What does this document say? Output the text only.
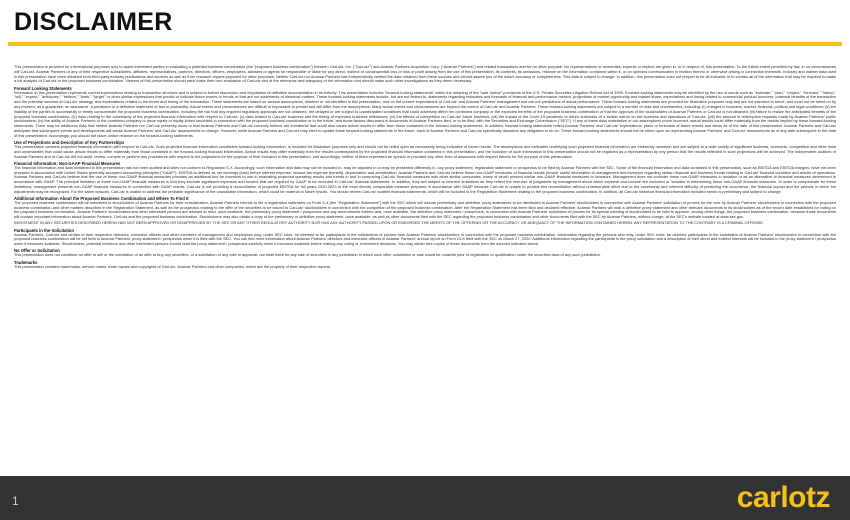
DISCLAIMER

This presentation is provided for informational purposes only to assist interested parties in evaluating a potential business combination (the "proposed business combination") between CarLotz, Inc. ("CarLotz") and Acamar Partners Acquisition Corp. ("Acamar Partners") and related transactions and for no other purpose. No representations or warranties, express or implied are given in, or in respect of, this presentation. To the fullest extent permitted by law, in no circumstances will CarLotz, Acamar Partners or any of their respective subsidiaries, affiliates, representatives, partners, directors, officers, employees, advisers or agents be responsible or liable for any direct, indirect or consequential loss or loss of profit arising from the use of this presentation, its contents, its omissions, reliance on the information contained within it, or on opinions communicated in relation thereto or otherwise arising in connection therewith. Industry and market data used in this presentation have been obtained from third-party industry publications and sources as well as from research reports prepared for other purposes. Neither CarLotz nor Acamar Partners has independently verified the data obtained from these sources and cannot assure you of the data's accuracy or completeness. This data is subject to change. In addition, this presentation does not purport to be all-inclusive or to contain all of the information that may be required to make a full analysis of CarLotz or the proposed business combination. Viewers of this presentation should each make their own evaluation of CarLotz and of the relevance and adequacy of the information and should make such other investigations as they deem necessary.

Forward Looking Statements

Information in this presentation represents current expectations relating to transaction structure and is subject to further discussion and negotiation of definitive documentation in its entirety. This presentation includes "forward-looking statements" within the meaning of the "safe harbor" provisions of the U.S. Private Securities Litigation Reform Act of 1995. Forward-looking statements may be identified by the use of words such as "estimate," "plan," "project," "forecast," "intend," "will," "expect," "anticipate," "believe," "seek," "target" or other similar expressions that predict or indicate future events or trends or that are not statements of historical matters. These forward-looking statements include, but are not limited to, statements regarding estimates and forecasts of financial and performance metrics, projections of market opportunity and market share, expectations and timing related to commercial product launches, potential benefits of the transaction and the potential success of CarLotz' strategy, and expectations related to the terms and timing of the transaction. These statements are based on various assumptions, whether or not identified in this presentation, and on the current expectations of CarLotz' and Acamar Partners' management and are not predictions of actual performance. These forward-looking statements are provided for illustrative purposes only and are not intended to serve, and must not be relied on by any investor, as a guarantee, an assurance, a prediction or a definitive statement of fact or probability. Actual events and circumstances are difficult or impossible to predict and will differ from the assumptions. Many actual events and circumstances are beyond the control of CarLotz and Acamar Partners. These forward-looking statements are subject to a number of risks and uncertainties, including: (i) changes in business, market, financial, political and legal conditions; (ii) the inability of the parties to successfully or timely consummate the proposed business combination, including the risk that any required regulatory approvals are not obtained, are delayed or are subject to unanticipated conditions that could adversely affect the combined company or the expected benefits of the proposed business combination or that the approval of the stockholders of Acamar Partners or CarLotz is not obtained; (iii) failure to realize the anticipated benefits of the proposed business combination; (iv) risks relating to the uncertainty of the projected financial information with respect to CarLotz; (v) risks related to CarLotz' business and the timing of expected business milestones; (vi) the effects of competition on CarLotz' future business; (vii) the impact of the Covid-19 pandemic or future outbreaks of a similar nature on the business and operations of CarLotz; (viii) the amount of redemption requests made by Acamar Partners' public stockholders; (ix) the ability of Acamar Partners or the combined company to issue equity or equity-linked securities in connection with the proposed business combination or in the future, and those factors discussed in documents of Acamar Partners filed, or to be filed, with the Securities and Exchange Commission ("SEC"). If any of these risks materialize or our assumptions prove incorrect, actual results could differ materially from the results implied by these forward-looking statements. There may be additional risks that neither Acamar Partners nor CarLotz presently know or that Acamar Partners and CarLotz currently believe are immaterial that could also cause actual results to differ from those contained in the forward-looking statements. In addition, forward-looking statements reflect Acamar Partners' and CarLotz' expectations, plans or forecasts of future events and views as of the date of this presentation. Acamar Partners and CarLotz anticipate that subsequent events and developments will cause Acamar Partners' and CarLotz' assessments to change. However, while Acamar Partners and CarLotz may elect to update these forward-looking statements in the future, each of Acamar Partners and CarLotz specifically disclaims any obligation to do so. These forward-looking statements should not be relied upon as representing Acamar Partners' and CarLotz' assessments as of any date subsequent to the date of this presentation. Accordingly, you should not place undue reliance on the forward-looking statements.

Use of Projections and Description of Key Partnerships

This presentation contains projected financial information with respect to CarLotz. Such projected financial information constitutes forward-looking information, is included for illustrative purposes only and should not be relied upon as necessarily being indicative of future results. The assumptions and estimates underlying such projected financial information are inherently uncertain and are subject to a wide variety of significant business, economic, competitive and other risks and uncertainties that could cause actual results to differ materially from those contained in the forward-looking financial information. Actual results may differ materially from the results contemplated by the projected financial information contained in this presentation, and the inclusion of such information in this presentation should not be regarded as a representation by any person that the results reflected in such projections will be achieved. The independent auditors of Acamar Partners and of CarLotz did not audit, review, compile or perform any procedures with respect to the projections for the purpose of their inclusion in this presentation, and accordingly, neither of them expressed an opinion or provided any other form of assurance with respect thereto for the purpose of this presentation.

Financial Information; Non-GAAP Financial Measures

The financial information and data contained in this presentation has not been audited and does not conform to Regulation S-X. Accordingly, such information and data may not be included in, may be adjusted in or may be presented differently in, any proxy statement, registration statement or prospectus to be filed by Acamar Partners with the SEC. Some of the financial information and data contained in this presentation, such as EBITDA and EBITDA margins, have not been prepared in accordance with United States generally accepted accounting principles ("GAAP"). EBITDA is defined as net earnings (loss) before interest expense, income tax expense (benefit), depreciation and amortization. Acamar Partners and CarLotz believe these non-GAAP measures of financial results provide useful information to management and investors regarding certain financial and business trends relating to CarLotz' financial condition and results of operations. Acamar Partners and CarLotz believe that the use of these non-GAAP financial measures provides an additional tool for investors to use in evaluating projected operating results and trends in and in comparing CarLotz' financial measures with other similar companies, many of which present similar non-GAAP financial measures to investors. Management does not consider these non-GAAP measures in isolation or as an alternative to financial measures determined in accordance with GAAP. The principal limitation of these non-GAAP financial measures is that they exclude significant expenses and income that are required by GAAP to be recorded in CarLotz' financial statements. In addition, they are subject to inherent limitations as they reflect the exercise of judgments by management about which expense and income are excluded or included in determining these non-GAAP financial measures. In order to compensate for these limitations, management presents non-GAAP financial measures in connection with GAAP results. CarLotz is not providing a reconciliation of projected EBITDA for full years 2020-2023 to the most directly comparable measure prepared in accordance with GAAP because CarLotz is unable to provide this reconciliation without unreasonable effort due to the uncertainty and inherent difficulty of predicting the occurrence, the financial impact and the periods in which the adjustments may be recognized. For the same reasons, CarLotz is unable to address the probable significance of the unavailable information, which could be material to future results. You should review CarLotz' audited financial statements, which will be included in the Registration Statement relating to the proposed business combination. In addition, all CarLotz historical financial information included herein is preliminary and subject to change.

Additional Information About the Proposed Business Combination and Where To Find It

The proposed business combination will be submitted to stockholders of Acamar Partners for their consideration. Acamar Partners intends to file a registration statement on Form S-4 (the "Registration Statement") with the SEC which will include preliminary and definitive proxy statements to be distributed to Acamar Partners' stockholders in connection with Acamar Partners' solicitation of proxies for the vote by Acamar Partners' stockholders in connection with the proposed business combination and other matters described in the Registration Statement, as well as the prospectus relating to the offer of the securities to be issued to CarLotz' stockholders in connection with the completion of the proposed business combination. After the Registration Statement has been filed and declared effective, Acamar Partners will mail a definitive proxy statement and other relevant documents to its stockholders as of the record date established for voting on the proposed business combination. Acamar Partners' stockholders and other interested persons are advised to read, once available, the preliminary proxy statement / prospectus and any amendments thereto and, once available, the definitive proxy statement / prospectus, in connection with Acamar Partners' solicitation of proxies for its special meeting of stockholders to be held to approve, among other things, the proposed business combination, because these documents will contain important information about Acamar Partners, CarLotz and the proposed business combination. Stockholders may also obtain a copy of the preliminary or definitive proxy statement, once available, as well as other documents filed with the SEC regarding the proposed business combination and other documents filed with the SEC by Acamar Partners, without charge, at the SEC's website located at www.sec.gov.

INVESTMENT IN ANY SECURITIES DESCRIBED HEREIN HAS NOT BEEN APPROVED OR DISAPPROVED BY THE SEC OR ANY OTHER REGULATORY AUTHORITY NOR HAS ANY AUTHORITY PASSED UPON OR ENDORSED THE MERITS OF THE OFFERING OR THE ACCURACY OR ADEQUACY OF THE INFORMATION CONTAINED HEREIN. ANY REPRESENTATION TO THE CONTRARY IS A CRIMINAL OFFENSE.

Participants in the Solicitation

Acamar Partners, CarLotz and certain of their respective directors, executive officers and other members of management and employees may, under SEC rules, be deemed to be participants in the solicitations of proxies from Acamar Partners' stockholders in connection with the proposed business combination. Information regarding the persons who may, under SEC rules, be deemed participants in the solicitation of Acamar Partners' stockholders in connection with the proposed business combination will be set forth in Acamar Partners' proxy statement / prospectus when it is filed with the SEC. You can find more information about Acamar Partners' directors and executive officers in Acamar Partners' annual report on Form 10-K filed with the SEC on March 27, 2020. Additional information regarding the participants in the proxy solicitation and a description of their direct and indirect interests will be included in the proxy statement / prospectus when it becomes available. Stockholders, potential investors and other interested persons should read the proxy statement / prospectus carefully when it becomes available before making any voting or investment decisions. You may obtain free copies of these documents from the sources indicated above.

No Offer or Solicitation

This presentation does not constitute an offer to sell or the solicitation of an offer to buy any securities, or a solicitation of any vote or approval, nor shall there be any sale of securities in any jurisdiction in which such offer, solicitation or sale would be unlawful prior to registration or qualification under the securities laws of any such jurisdiction.

Trademarks

This presentation contains trademarks, service marks, trade names and copyrights of CarLotz, Acamar Partners and other companies, which are the property of their respective owners.

1	carlotz
